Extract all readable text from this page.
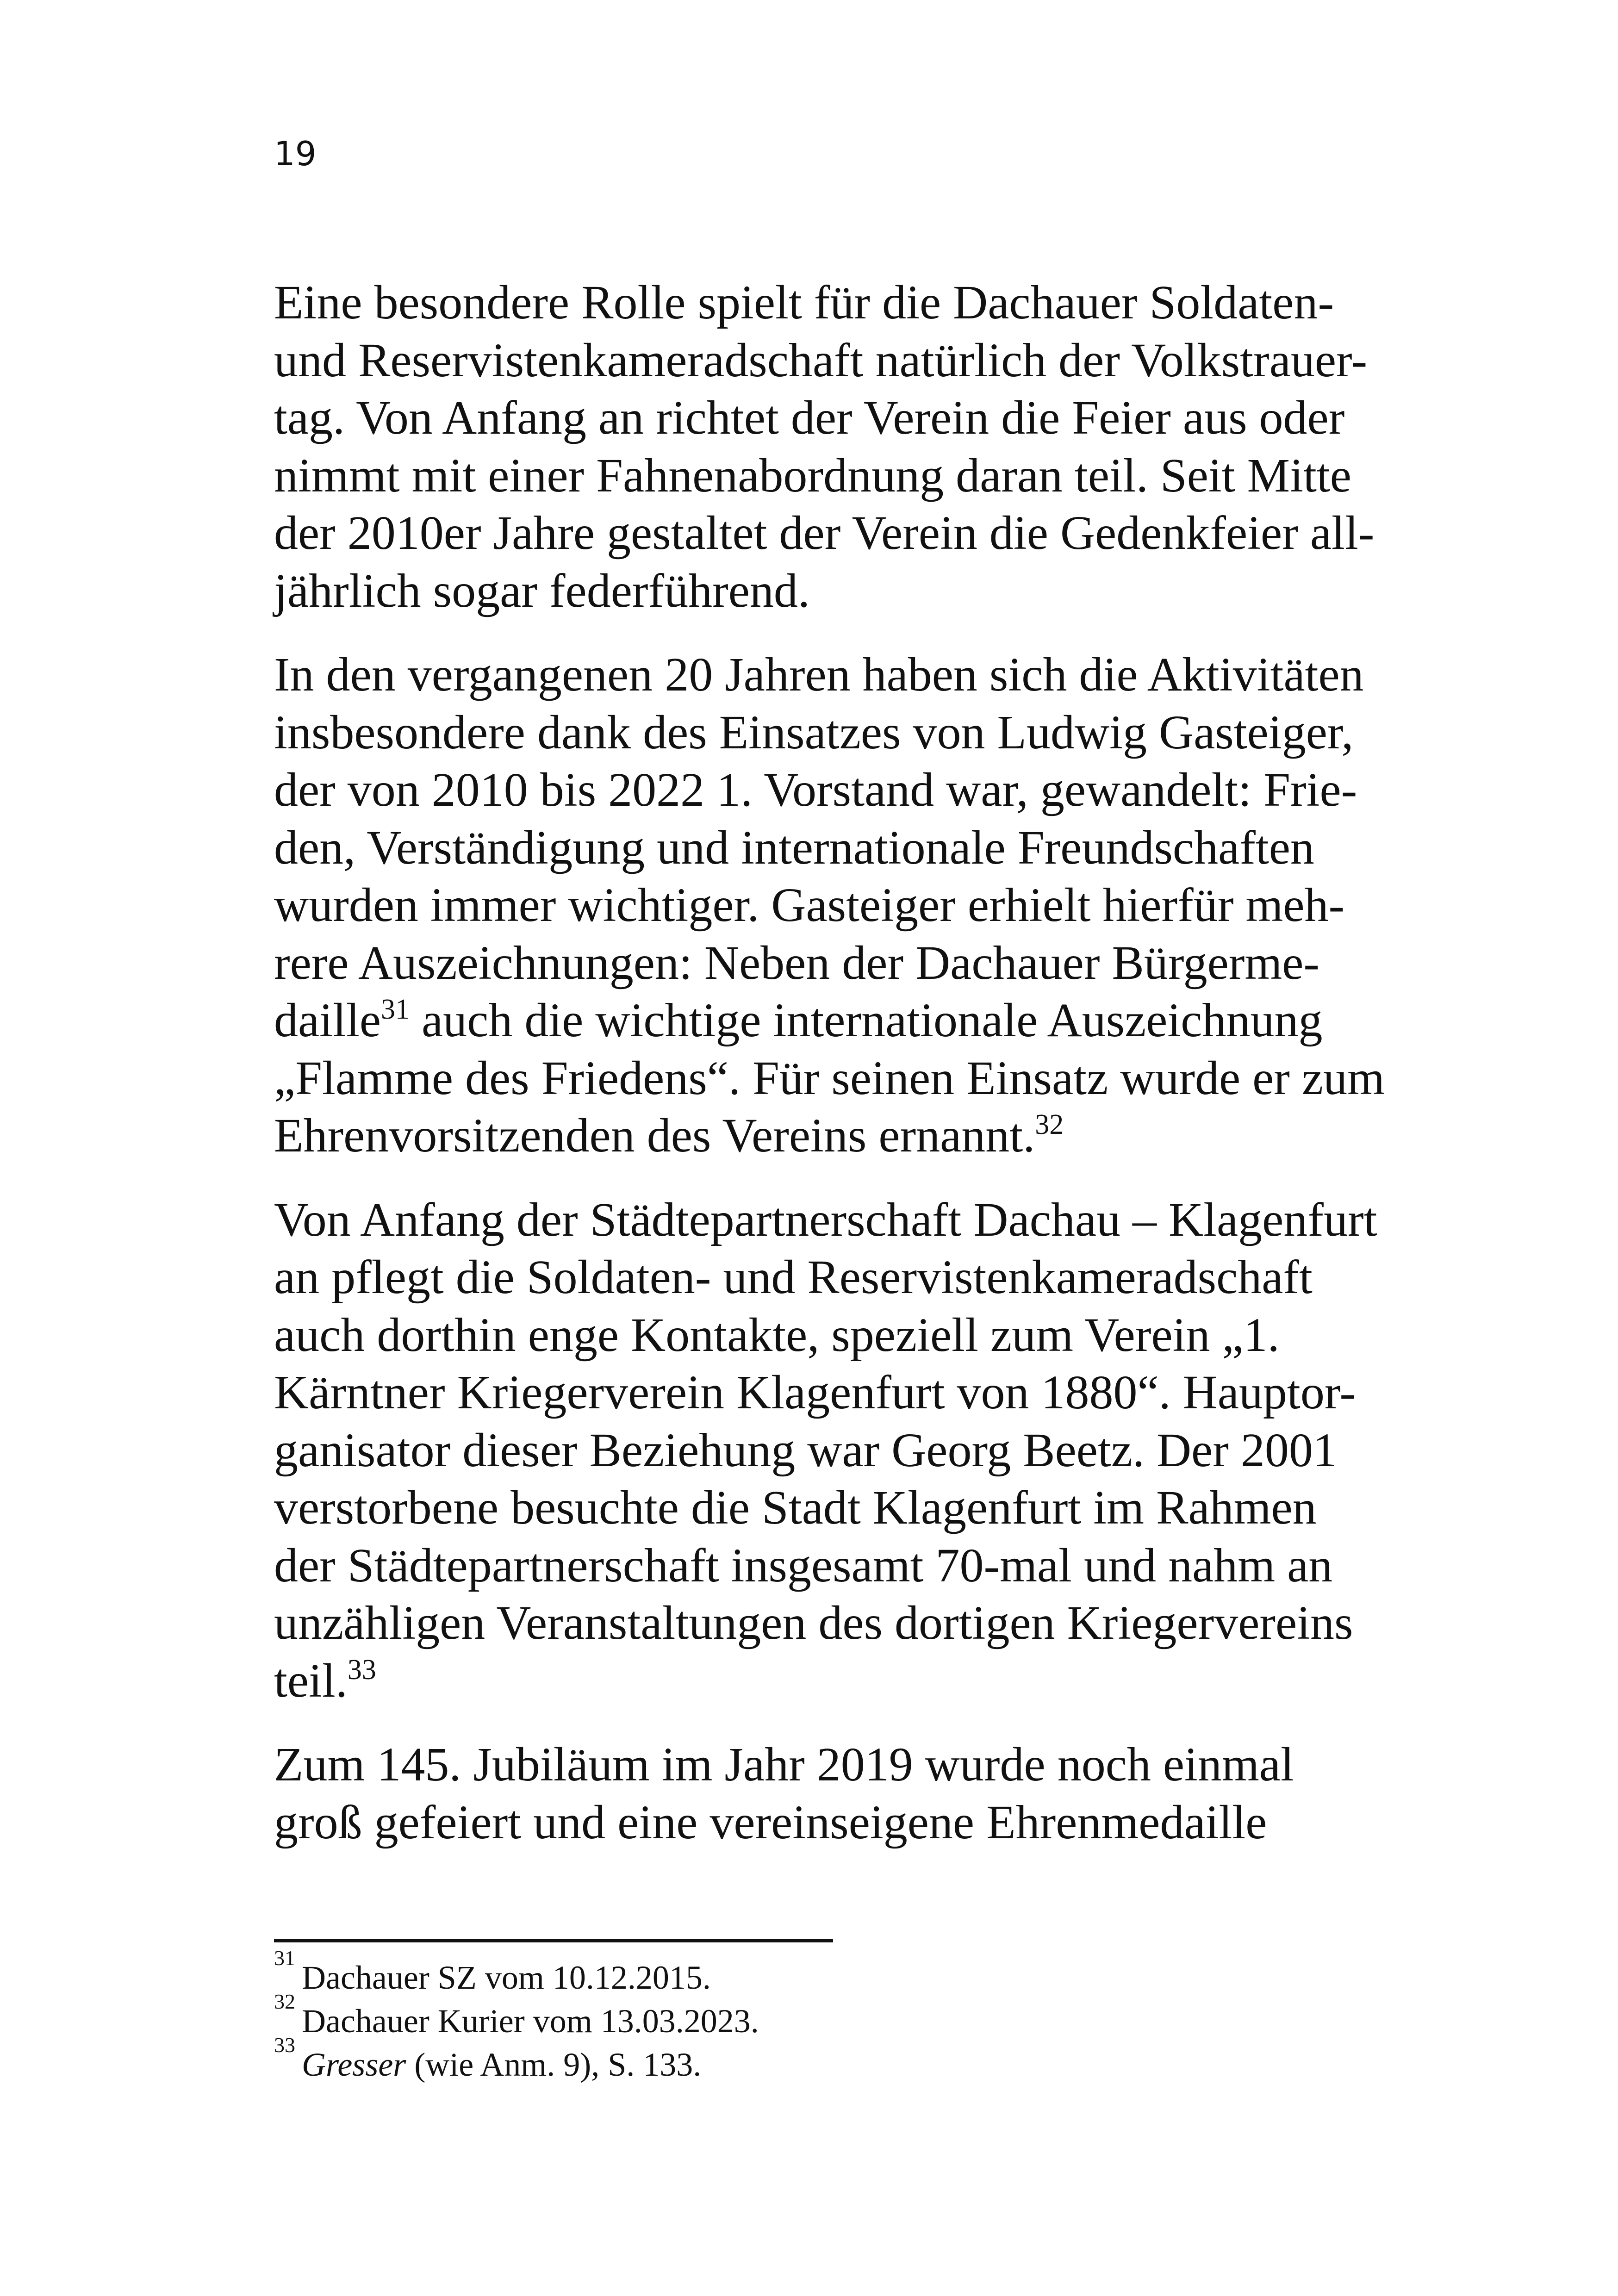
19

Eine besondere Rolle spielt für die Dachauer Soldaten-
und Reservistenkameradschaft natürlich der Volkstrauer-
tag. Von Anfang an richtet der Verein die Feier aus oder
nimmt mit einer Fahnenabordnung daran teil. Seit Mitte
der 2010er Jahre gestaltet der Verein die Gedenkfeier all-
jährlich sogar federführend.

In den vergangenen 20 Jahren haben sich die Aktivitäten
insbesondere dank des Einsatzes von Ludwig Gasteiger,
der von 2010 bis 2022 1. Vorstand war, gewandelt: Frie-
den, Verständigung und internationale Freundschaften
wurden immer wichtiger. Gasteiger erhielt hierfür meh-
rere Auszeichnungen: Neben der Dachauer Bürgerme-
daille$^{31}$ auch die wichtige internationale Auszeichnung
„Flamme des Friedens“. Für seinen Einsatz wurde er zum
Ehrenvorsitzenden des Vereins ernannt.$^{32}$

Von Anfang der Städtepartnerschaft Dachau – Klagenfurt
an pflegt die Soldaten- und Reservistenkameradschaft
auch dorthin enge Kontakte, speziell zum Verein „1.
Kärntner Kriegerverein Klagenfurt von 1880“. Hauptor-
ganisator dieser Beziehung war Georg Beetz. Der 2001
verstorbene besuchte die Stadt Klagenfurt im Rahmen
der Städtepartnerschaft insgesamt 70-mal und nahm an
unzähligen Veranstaltungen des dortigen Kriegervereins
teil.$^{33}$

Zum 145. Jubiläum im Jahr 2019 wurde noch einmal
groß gefeiert und eine vereinseigene Ehrenmedaille

$^{31}$Dachauer SZ vom 10.12.2015.
$^{32}$Dachauer Kurier vom 13.03.2023.
$^{33}$Gresser (wie Anm. 9), S. 133.
